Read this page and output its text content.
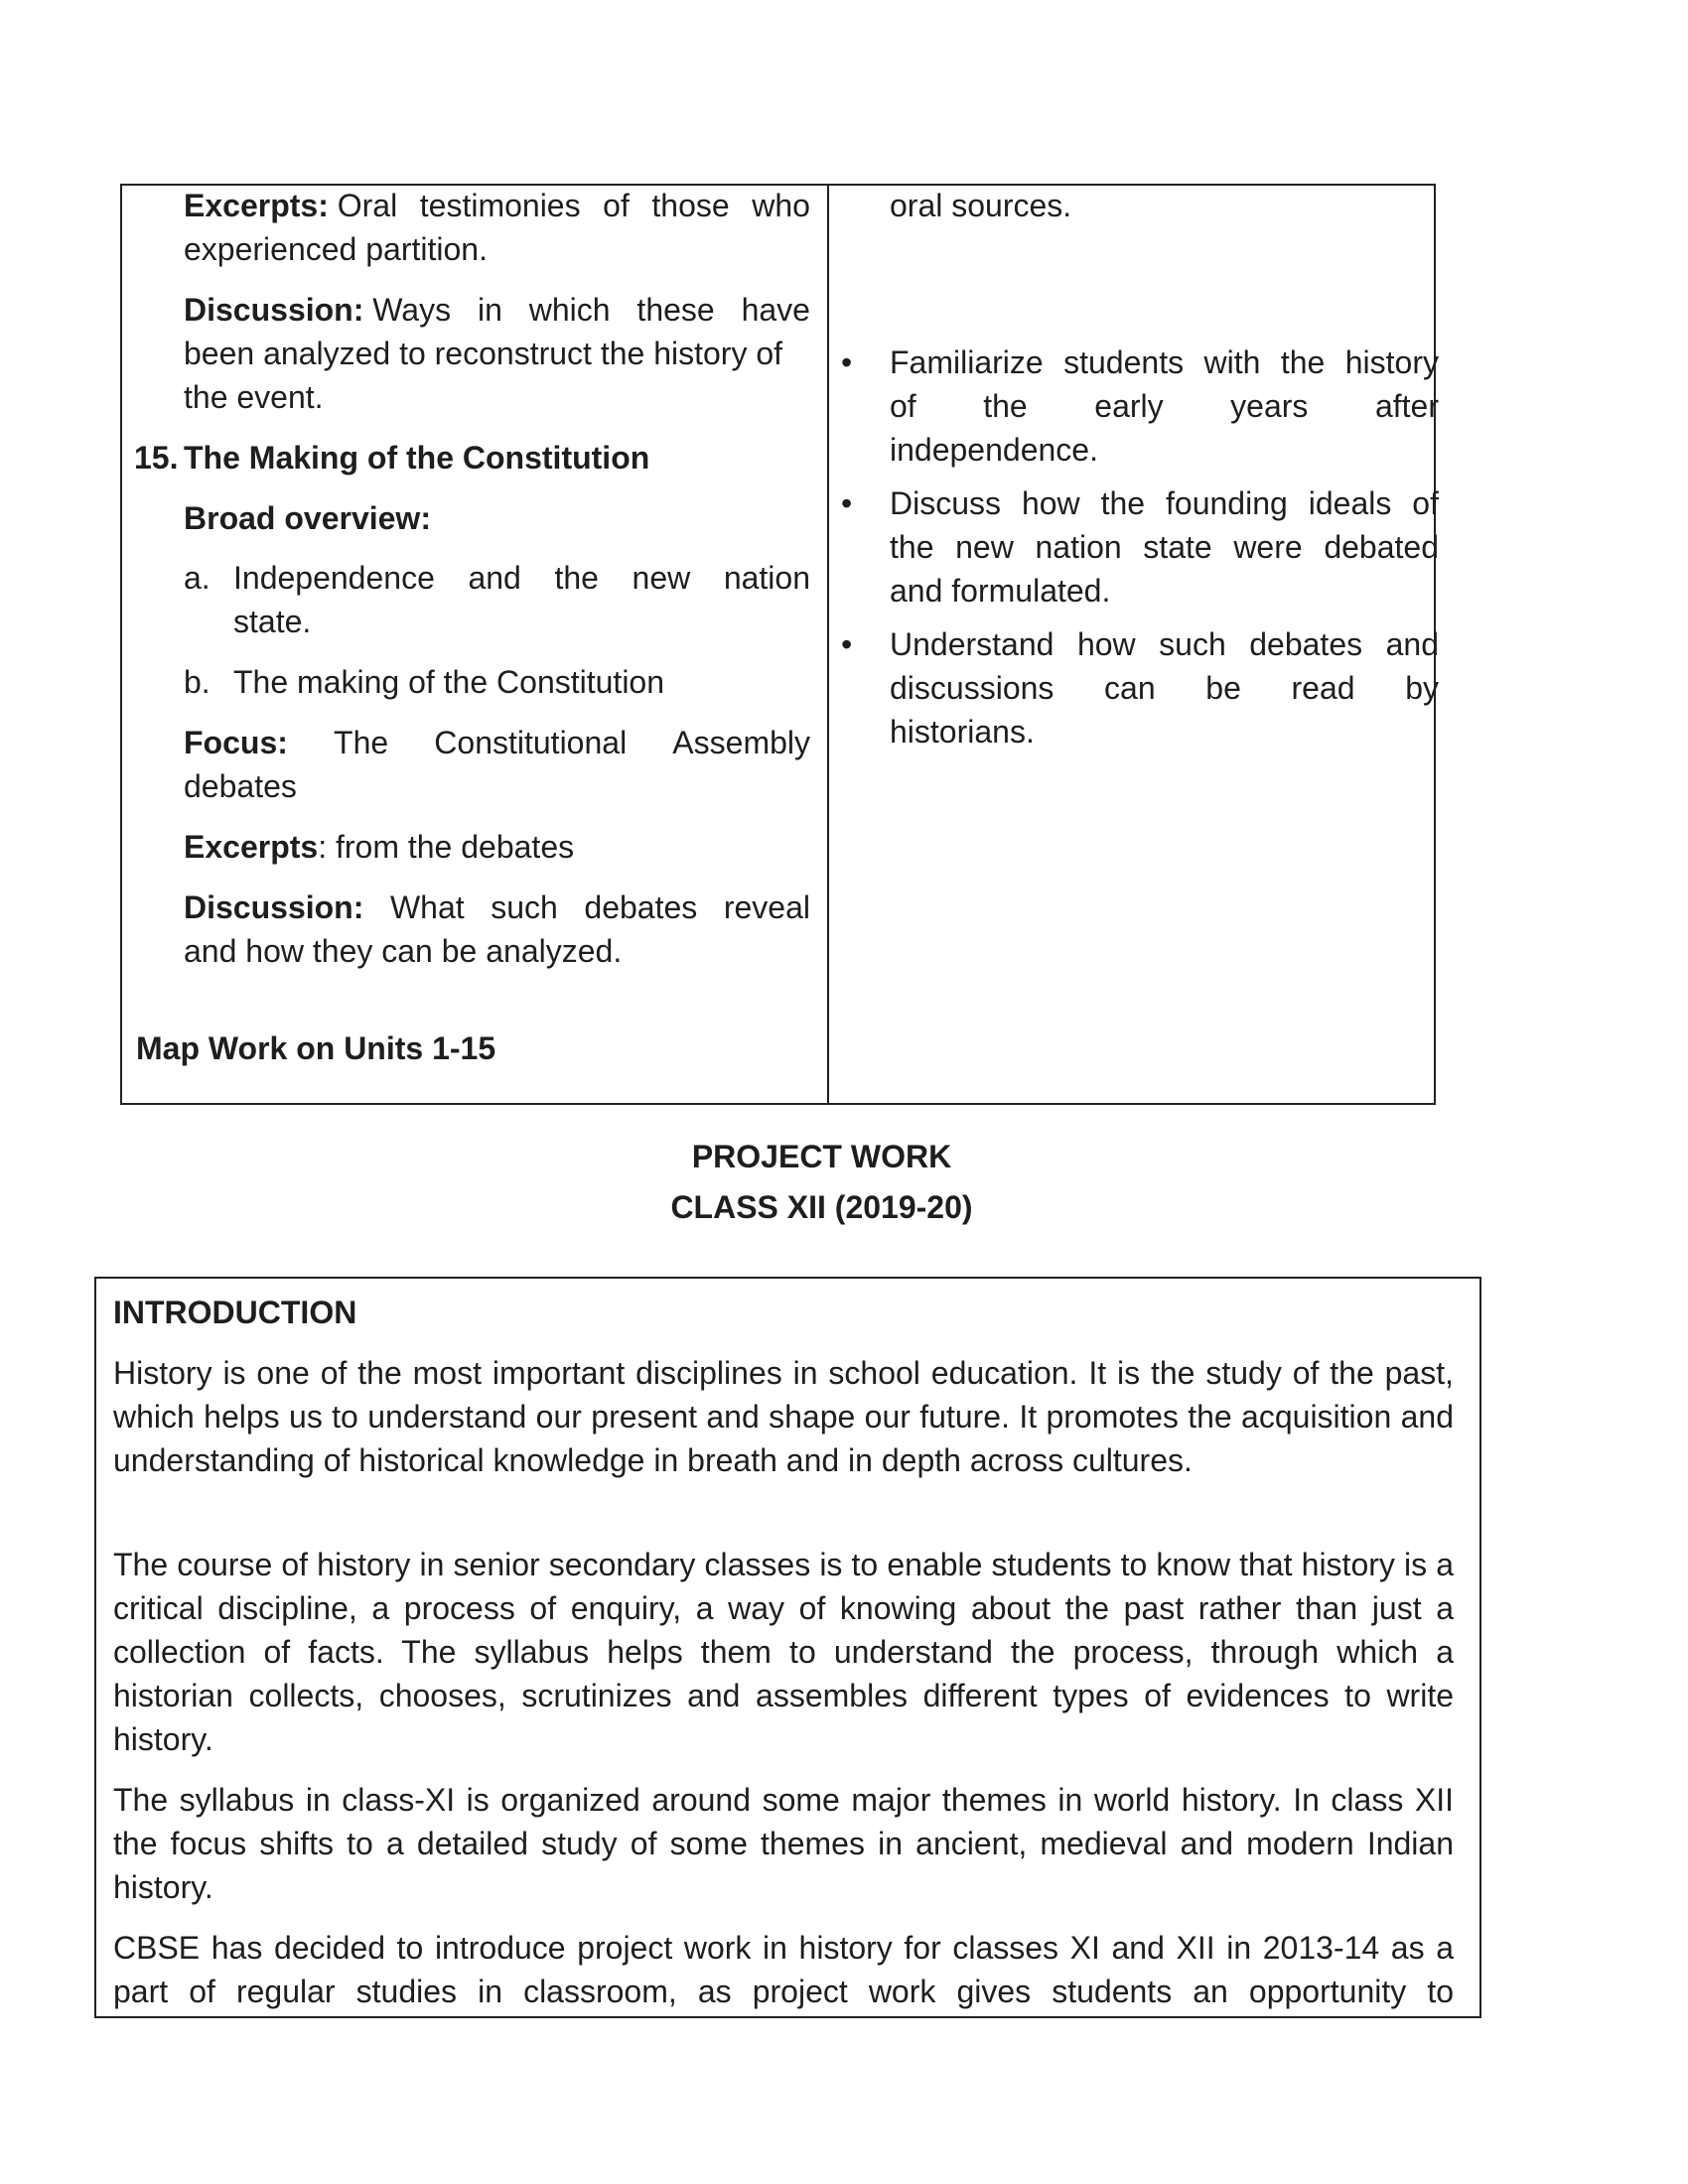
Excerpts: Oral testimonies of those who
experienced partition.
Discussion: Ways in which these have
been analyzed to reconstruct the history of
the event.
15. The Making of the Constitution
Broad overview:
a. Independence and the new nation
state.
b. The making of the Constitution
Focus: The Constitutional Assembly
debates
Excerpts: from the debates
Discussion: What such debates reveal
and how they can be analyzed.
Map Work on Units 1-15
oral sources.
• Familiarize students with the history
of the early years after
independence.
• Discuss how the founding ideals of
the new nation state were debated
and formulated.
• Understand how such debates and
discussions can be read by
historians.
PROJECT WORK
CLASS XII (2019-20)
INTRODUCTION
History is one of the most important disciplines in school education. It is the study of the past, which helps us to understand our present and shape our future. It promotes the acquisition and understanding of historical knowledge in breath and in depth across cultures.
The course of history in senior secondary classes is to enable students to know that history is a critical discipline, a process of enquiry, a way of knowing about the past rather than just a collection of facts. The syllabus helps them to understand the process, through which a historian collects, chooses, scrutinizes and assembles different types of evidences to write history.
The syllabus in class-XI is organized around some major themes in world history. In class XII the focus shifts to a detailed study of some themes in ancient, medieval and modern Indian history.
CBSE has decided to introduce project work in history for classes XI and XII in 2013-14 as a part of regular studies in classroom, as project work gives students an opportunity to
